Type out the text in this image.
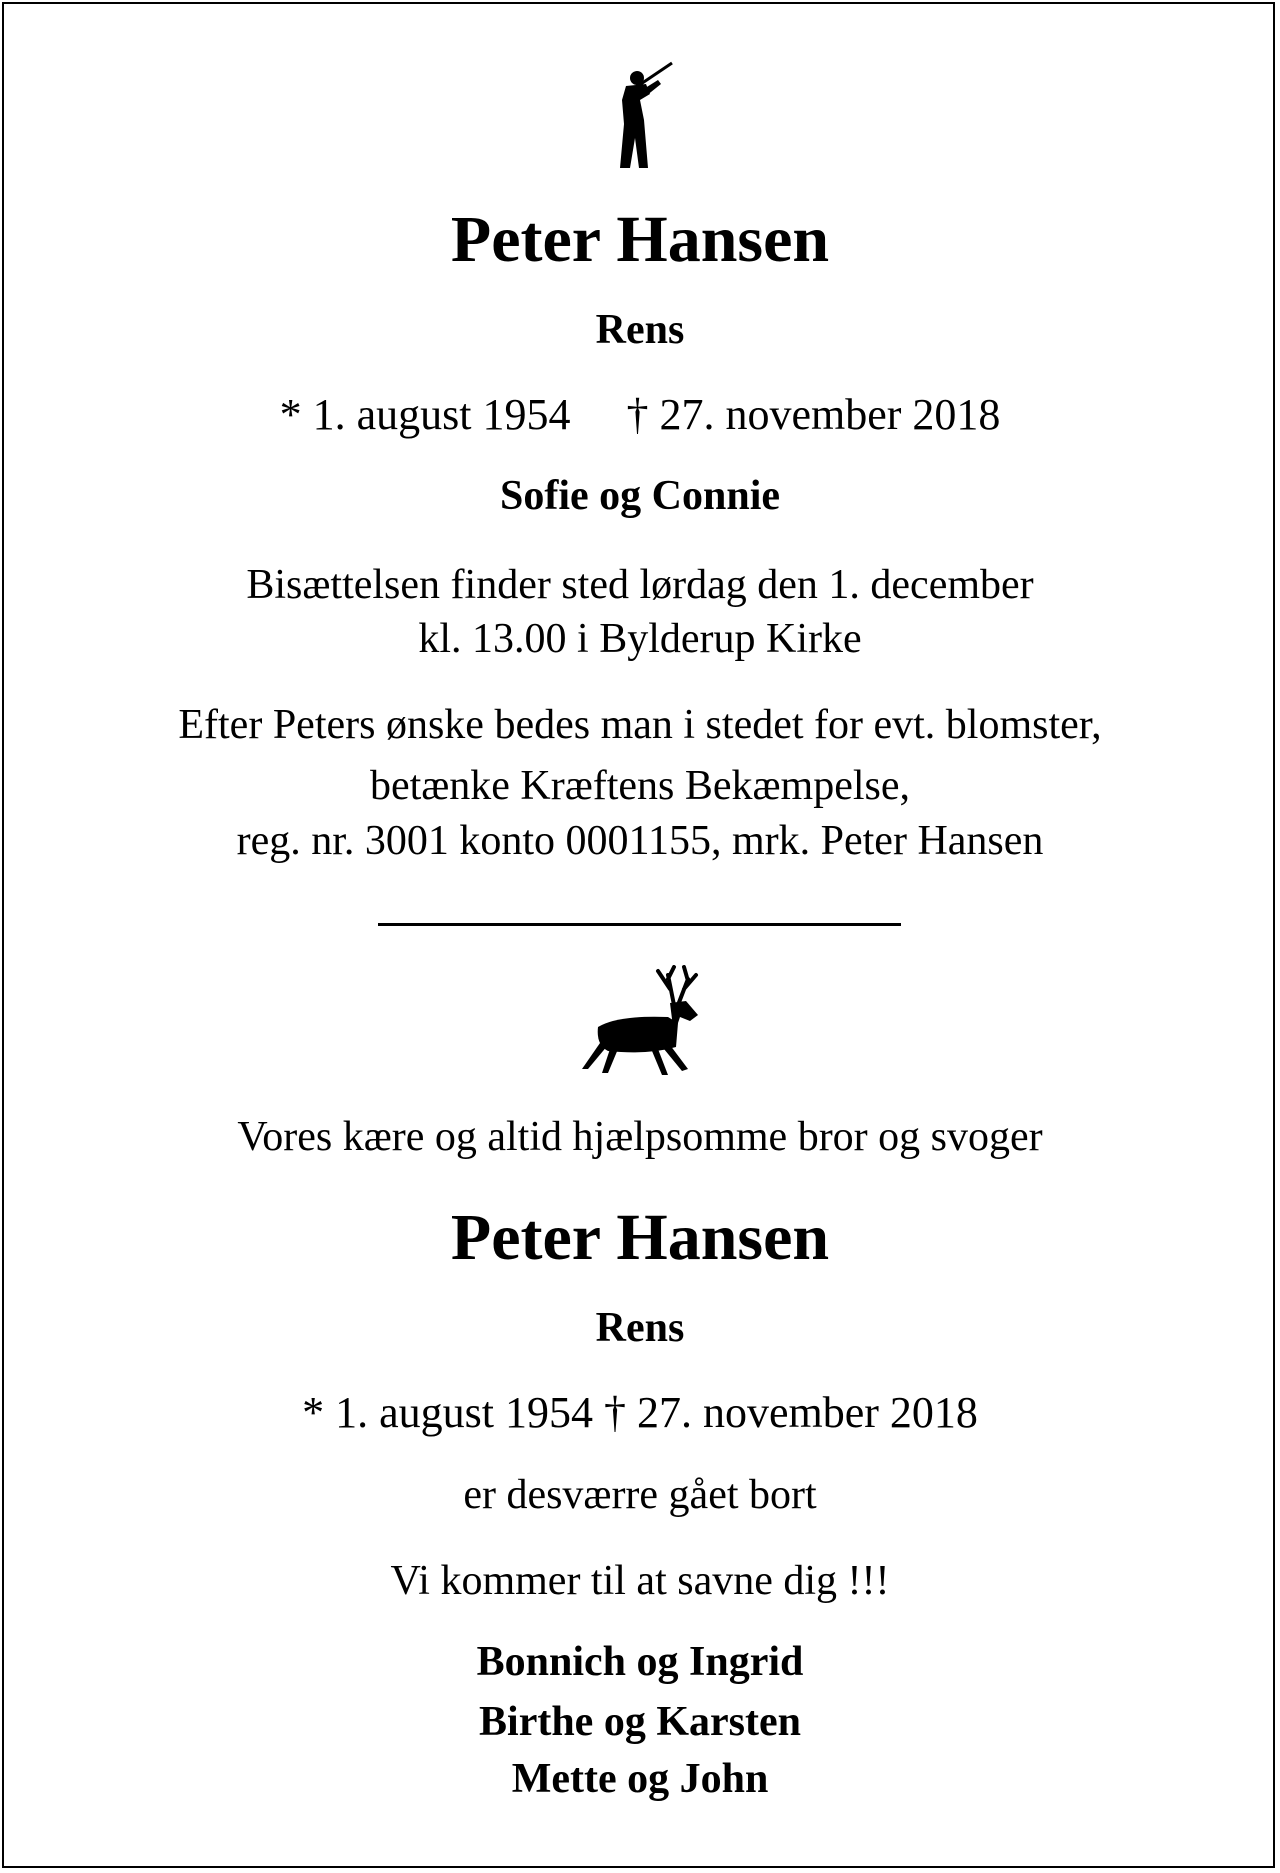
Peter Hansen
Rens
* 1. august 1954 † 27. november 2018
Sofie og Connie
Bisættelsen finder sted lørdag den 1. december
kl. 13.00 i Bylderup Kirke
Efter Peters ønske bedes man i stedet for evt. blomster,
betænke Kræftens Bekæmpelse,
reg. nr. 3001 konto 0001155, mrk. Peter Hansen
Vores kære og altid hjælpsomme bror og svoger
Peter Hansen
Rens
* 1. august 1954 † 27. november 2018
er desværre gået bort
Vi kommer til at savne dig !!!
Bonnich og Ingrid
Birthe og Karsten
Mette og John
